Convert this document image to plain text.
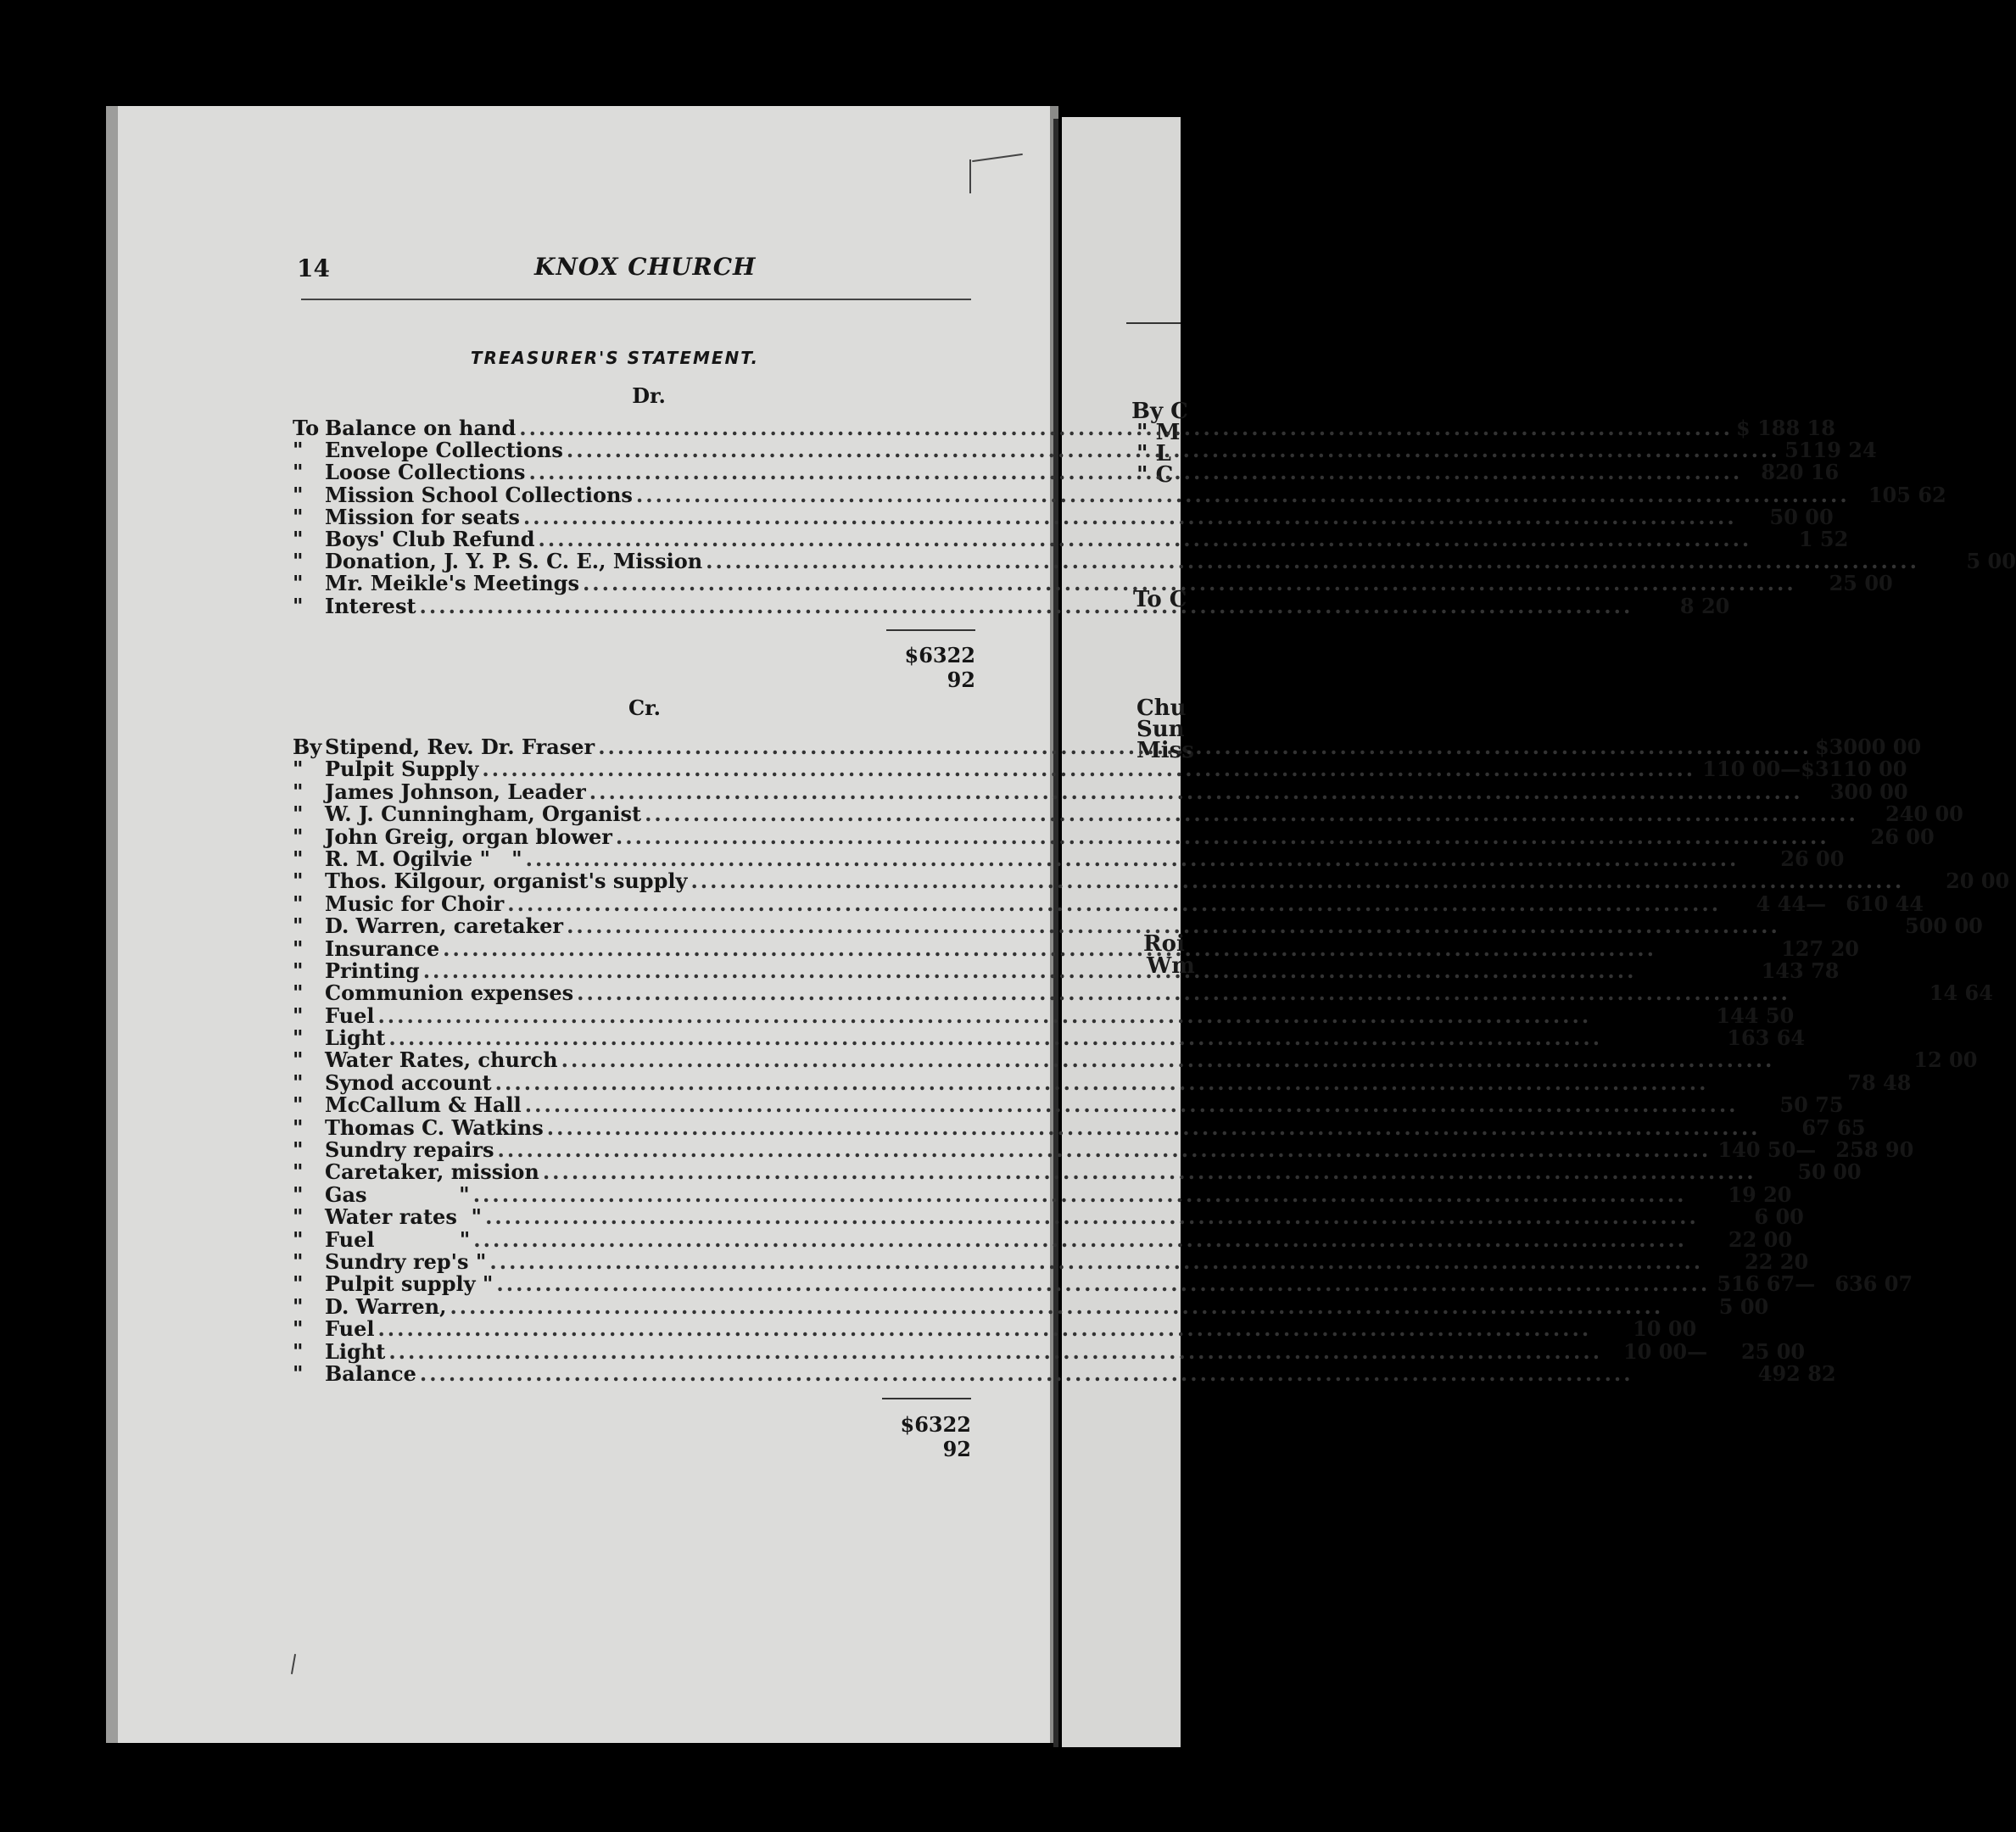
By C
" M
" L
" C
To C
Chu
Sun
Miss
Roi
Wm
14	KNOX CHURCH
TREASURER'S STATEMENT.
Dr.
To Balance on hand .....	$ 188 18
"	Envelope Collections .....	5119 24
"	Loose Collections .....	820 16
"	Mission School Collections .....	105 62
"	Mission for seats .....	50 00
"	Boys' Club Refund .....	1 52
"	Donation, J. Y. P. S. C. E., Mission .....	5 00
"	Mr. Meikle's Meetings .....	25 00
"	Interest .....	8 20
$6322 92
Cr.
By Stipend, Rev. Dr. Fraser .....	$3000 00
"	Pulpit Supply .....	110 00— $3110 00
"	James Johnson, Leader .....	300 00
"	W. J. Cunningham, Organist .....	240 00
"	John Greig, organ blower .....	26 00
"	R. M. Ogilvie "   " .....	26 00
"	Thos. Kilgour, organist's supply .....	20 00
"	Music for Choir .....	4 44— 610 44
"	D. Warren, caretaker .....	500 00
"	Insurance .....	127 20
"	Printing .....	143 78
"	Communion expenses .....	14 64
"	Fuel .....	144 50
"	Light .....	163 64
"	Water Rates, church .....	12 00
"	Synod account .....	78 48
"	McCallum & Hall .....	50 75
"	Thomas C. Watkins .....	67 65
"	Sundry repairs .....	140 50— 258 90
"	Caretaker, mission .....	50 00
"	Gas             " .....	19 20
"	Water rates  " .....	6 00
"	Fuel            " .....	22 00
"	Sundry rep's " .....	22 20
"	Pulpit supply " .....	516 67— 636 07
"	D. Warren, .....	5 00
"	Fuel .....	10 00
"	Light .....	10 00—	25 00
"	Balance .....	492 82
$6322 92
